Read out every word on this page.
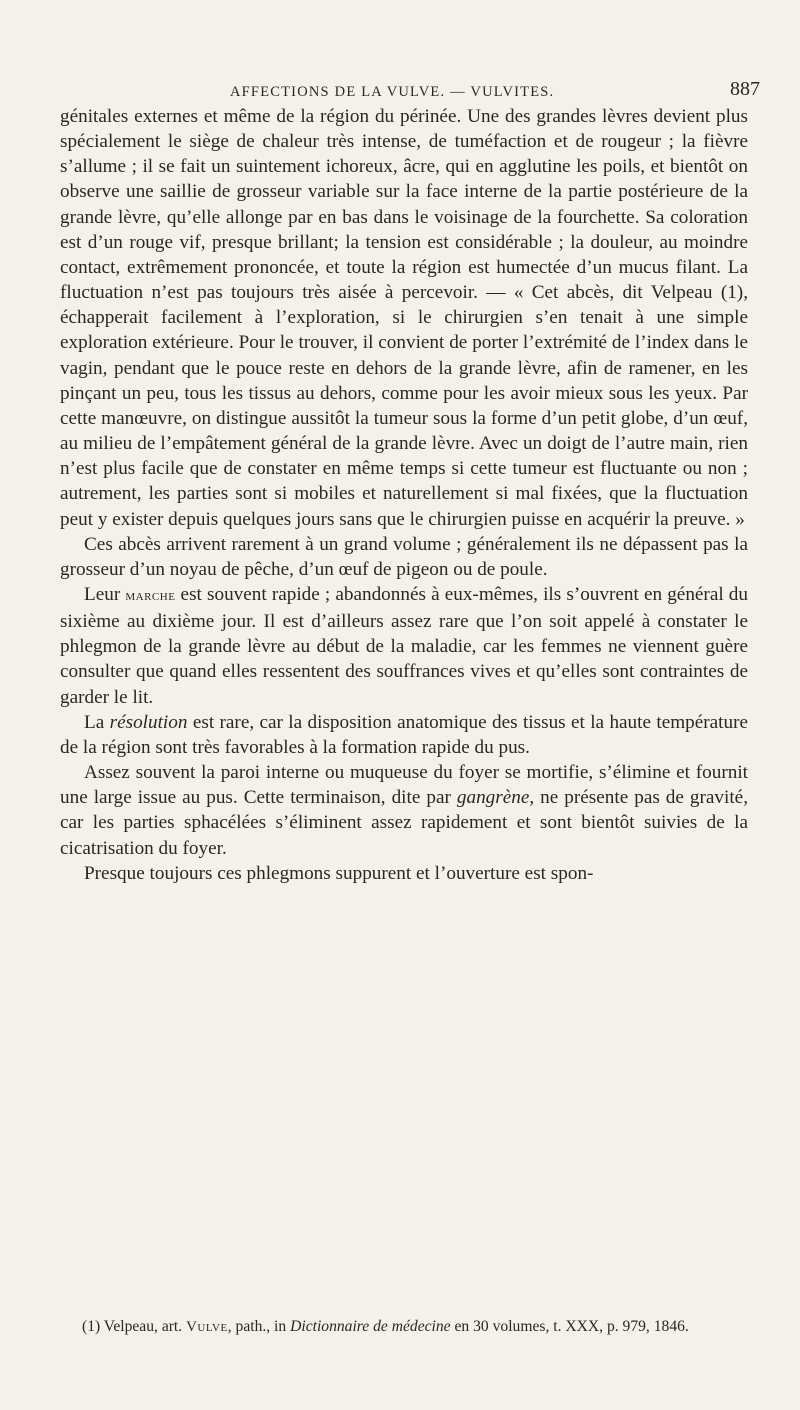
AFFECTIONS DE LA VULVE. — VULVITES.	887

génitales externes et même de la région du périnée. Une des grandes lèvres devient plus spécialement le siège de chaleur très intense, de tuméfaction et de rougeur ; la fièvre s’allume ; il se fait un suintement ichoreux, âcre, qui en agglutine les poils, et bientôt on observe une saillie de grosseur variable sur la face interne de la partie postérieure de la grande lèvre, qu’elle allonge par en bas dans le voisinage de la fourchette. Sa coloration est d’un rouge vif, presque brillant; la tension est considérable ; la douleur, au moindre contact, extrêmement prononcée, et toute la région est humectée d’un mucus filant. La fluctuation n’est pas toujours très aisée à percevoir. — « Cet abcès, dit Velpeau (1), échapperait facilement à l’exploration, si le chirurgien s’en tenait à une simple exploration extérieure. Pour le trouver, il convient de porter l’extrémité de l’index dans le vagin, pendant que le pouce reste en dehors de la grande lèvre, afin de ramener, en les pinçant un peu, tous les tissus au dehors, comme pour les avoir mieux sous les yeux. Par cette manœuvre, on distingue aussitôt la tumeur sous la forme d’un petit globe, d’un œuf, au milieu de l’empâtement général de la grande lèvre. Avec un doigt de l’autre main, rien n’est plus facile que de constater en même temps si cette tumeur est fluctuante ou non ; autrement, les parties sont si mobiles et naturellement si mal fixées, que la fluctuation peut y exister depuis quelques jours sans que le chirurgien puisse en acquérir la preuve. »

Ces abcès arrivent rarement à un grand volume ; généralement ils ne dépassent pas la grosseur d’un noyau de pêche, d’un œuf de pigeon ou de poule.

Leur marche est souvent rapide ; abandonnés à eux-mêmes, ils s’ouvrent en général du sixième au dixième jour. Il est d’ailleurs assez rare que l’on soit appelé à constater le phlegmon de la grande lèvre au début de la maladie, car les femmes ne viennent guère consulter que quand elles ressentent des souffrances vives et qu’elles sont contraintes de garder le lit.

La résolution est rare, car la disposition anatomique des tissus et la haute température de la région sont très favorables à la formation rapide du pus.

Assez souvent la paroi interne ou muqueuse du foyer se mortifie, s’élimine et fournit une large issue au pus. Cette terminaison, dite par gangrène, ne présente pas de gravité, car les parties sphacélées s’éliminent assez rapidement et sont bientôt suivies de la cicatrisation du foyer.

Presque toujours ces phlegmons suppurent et l’ouverture est spon-

(1) Velpeau, art. Vulve, path., in Dictionnaire de médecine en 30 volumes, t. XXX, p. 979, 1846.
